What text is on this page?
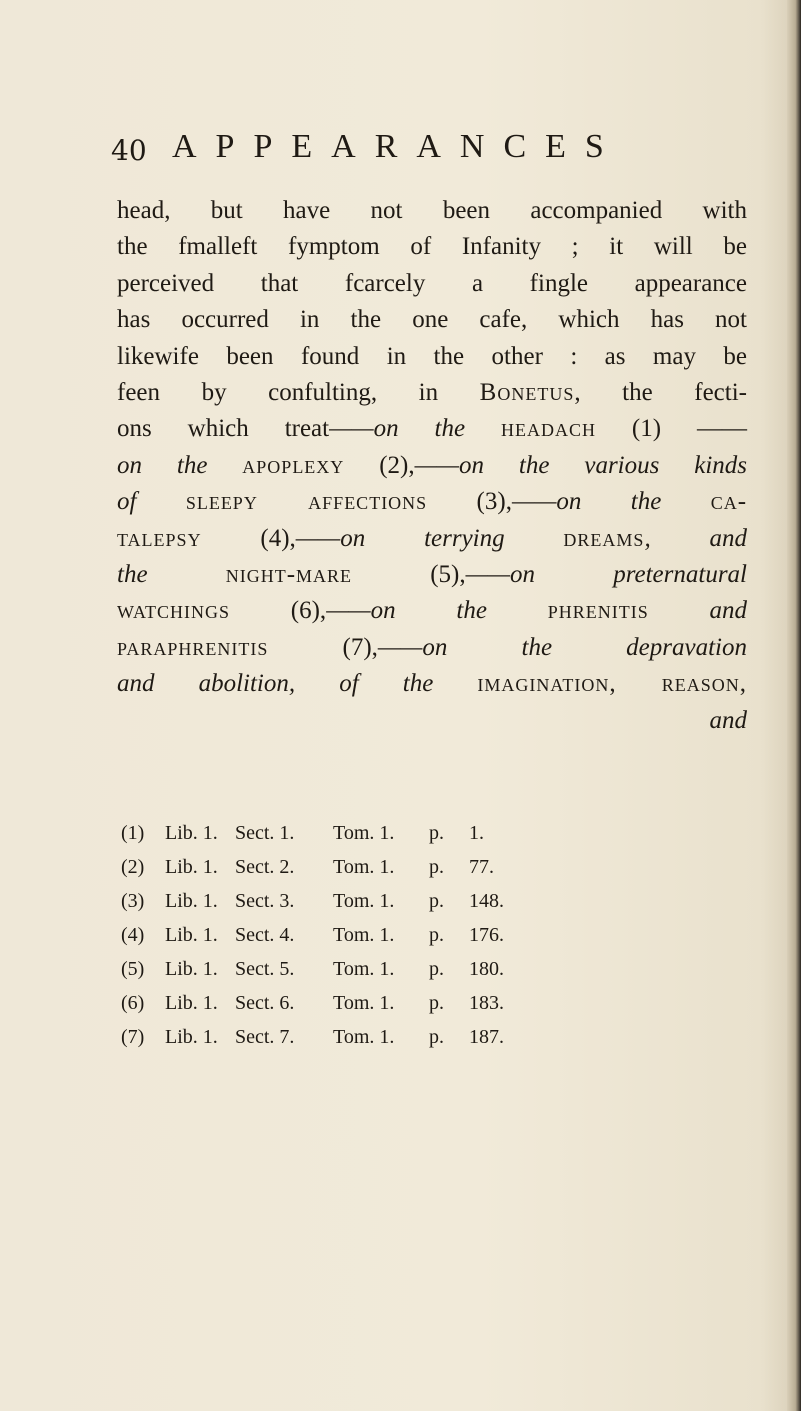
40 APPEARANCES
head, but have not been accompanied with
the fmalleft fymptom of Infanity ; it will be
perceived that fcarcely a fingle appearance
has occurred in the one cafe, which has not
likewife been found in the other : as may be
feen by confulting, in Bonetus, the fecti-
ons which treat——on the headach (1) ——
on the apoplexy (2),——on the various kinds
of sleepy affections (3),——on the ca-
talepsy (4),——on terrying dreams, and
the night-mare (5),——on preternatural
watchings (6),——on the phrenitis and
paraphrenitis (7),——on the depravation
and abolition, of the imagination, reason,
and
(1)	Lib. 1. Sect. 1.	Tom. 1.	p.	1.
(2)	Lib. 1. Sect. 2.	Tom. 1.	p.	77.
(3)	Lib. 1. Sect. 3.	Tom. 1.	p.	148.
(4)	Lib. 1. Sect. 4.	Tom. 1.	p.	176.
(5)	Lib. 1. Sect. 5.	Tom. 1.	p.	180.
(6)	Lib. 1. Sect. 6.	Tom. 1.	p.	183.
(7)	Lib. 1. Sect. 7.	Tom. 1.	p.	187.
